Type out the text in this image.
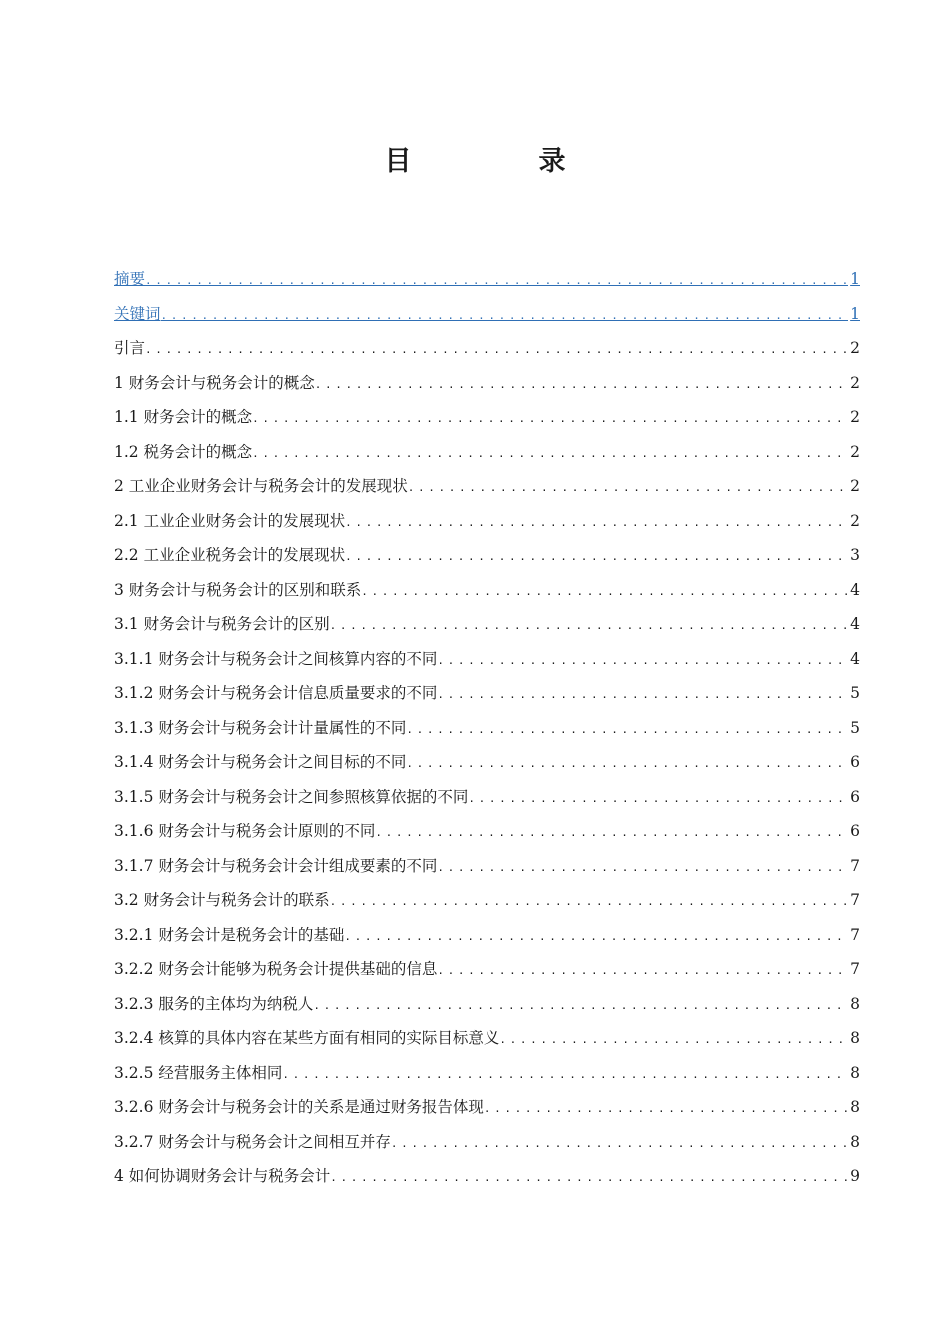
目　录
摘要 . . .	1
关键词 . . .	1
引言 . . .	2
1 财务会计与税务会计的概念 . . .	2
1.1 财务会计的概念 . . .	2
1.2 税务会计的概念 . . .	2
2 工业企业财务会计与税务会计的发展现状 . . .	2
2.1 工业企业财务会计的发展现状 . . .	2
2.2 工业企业税务会计的发展现状 . . .	3
3 财务会计与税务会计的区别和联系 . . .	4
3.1 财务会计与税务会计的区别 . . .	4
3.1.1 财务会计与税务会计之间核算内容的不同 . . .	4
3.1.2 财务会计与税务会计信息质量要求的不同 . . .	5
3.1.3 财务会计与税务会计计量属性的不同 . . .	5
3.1.4 财务会计与税务会计之间目标的不同 . . .	6
3.1.5 财务会计与税务会计之间参照核算依据的不同 . . .	6
3.1.6 财务会计与税务会计原则的不同 . . .	6
3.1.7 财务会计与税务会计会计组成要素的不同 . . .	7
3.2 财务会计与税务会计的联系 . . .	7
3.2.1 财务会计是税务会计的基础 . . .	7
3.2.2 财务会计能够为税务会计提供基础的信息 . . .	7
3.2.3 服务的主体均为纳税人 . . .	8
3.2.4 核算的具体内容在某些方面有相同的实际目标意义 . . .	8
3.2.5 经营服务主体相同 . . .	8
3.2.6 财务会计与税务会计的关系是通过财务报告体现 . . .	8
3.2.7 财务会计与税务会计之间相互并存 . . .	8
4 如何协调财务会计与税务会计 . . .	9
